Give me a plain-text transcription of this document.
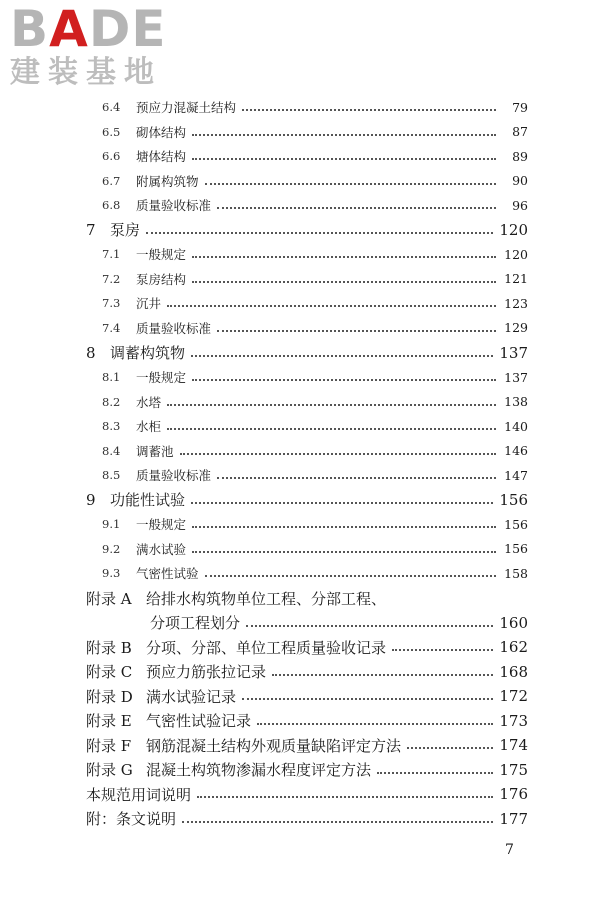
BADE
建装基地
6.4	预应力混凝土结构	79
6.5	砌体结构	87
6.6	塘体结构	89
6.7	附属构筑物	90
6.8	质量验收标准	96
7 泵房	120
7.1	一般规定	120
7.2	泵房结构	121
7.3	沉井	123
7.4	质量验收标准	129
8 调蓄构筑物	137
8.1	一般规定	137
8.2	水塔	138
8.3	水柜	140
8.4	调蓄池	146
8.5	质量验收标准	147
9 功能性试验	156
9.1	一般规定	156
9.2	满水试验	156
9.3	气密性试验	158
附录 A 给排水构筑物单位工程、分部工程、
分项工程划分	160
附录 B 分项、分部、单位工程质量验收记录	162
附录 C 预应力筋张拉记录	168
附录 D 满水试验记录	172
附录 E 气密性试验记录	173
附录 F 钢筋混凝土结构外观质量缺陷评定方法	174
附录 G 混凝土构筑物渗漏水程度评定方法	175
本规范用词说明	176
附：条文说明	177
7
